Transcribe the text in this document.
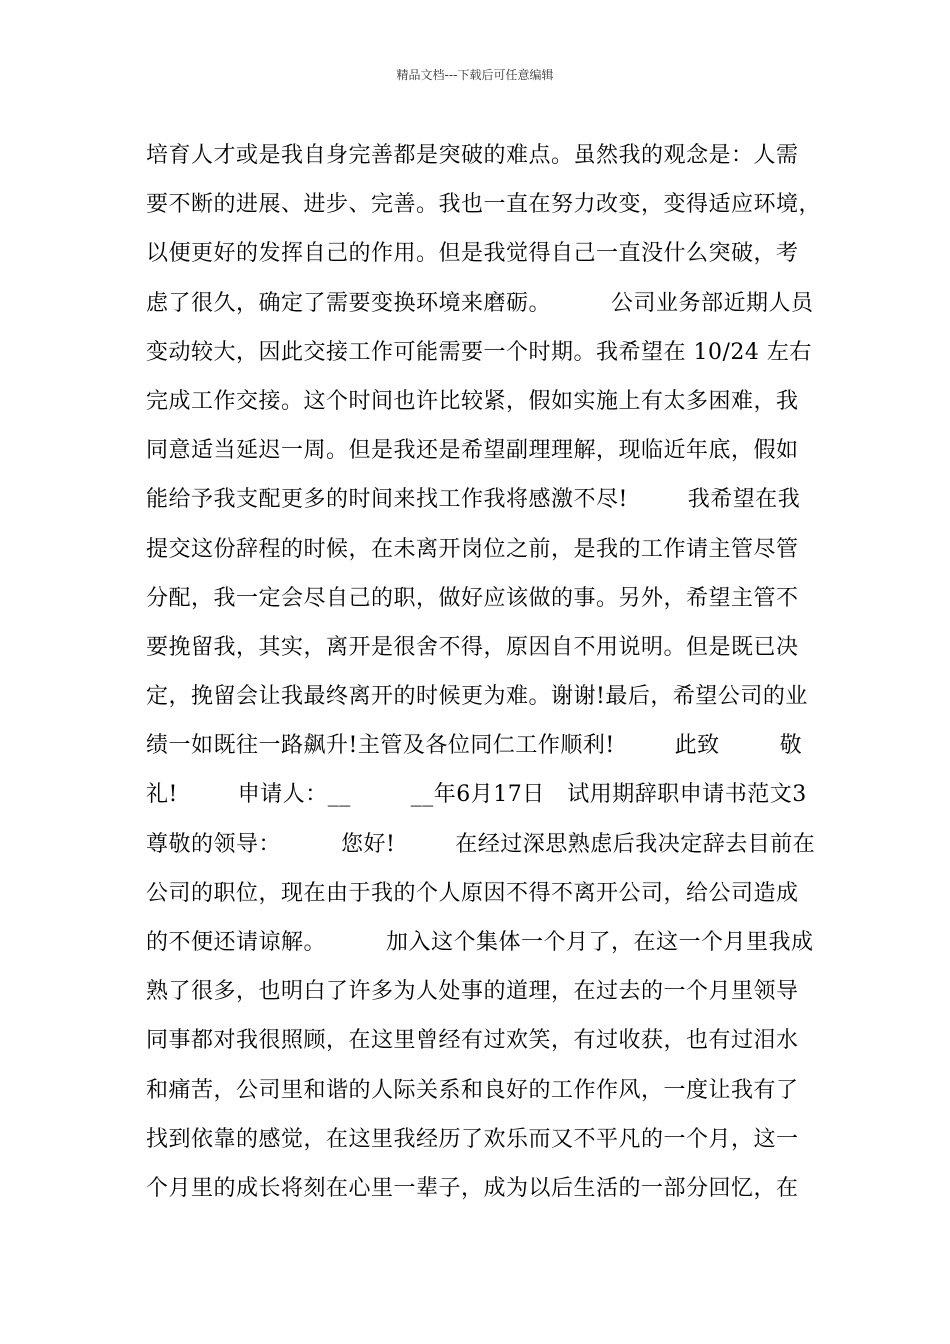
精品文档---下载后可任意编辑
培育人才或是我自身完善都是突破的难点。虽然我的观念是：人需
要不断的进展、进步、完善。我也一直在努力改变，变得适应环境，
以便更好的发挥自己的作用。但是我觉得自己一直没什么突破，考
虑了很久，确定了需要变换环境来磨砺。        公司业务部近期人员
变动较大，因此交接工作可能需要一个时期。我希望在 10/24 左右
完成工作交接。这个时间也许比较紧，假如实施上有太多困难，我
同意适当延迟一周。但是我还是希望副理理解，现临近年底，假如
能给予我支配更多的时间来找工作我将感激不尽!        我希望在我
提交这份辞程的时候，在未离开岗位之前，是我的工作请主管尽管
分配，我一定会尽自己的职，做好应该做的事。另外，希望主管不
要挽留我，其实，离开是很舍不得，原因自不用说明。但是既已决
定，挽留会让我最终离开的时候更为难。谢谢!最后，希望公司的业
绩一如既往一路飙升!主管及各位同仁工作顺利!        此致        敬
礼!        申请人：__        __年6月17日   试用期辞职申请书范文3
尊敬的领导：        您好!        在经过深思熟虑后我决定辞去目前在
公司的职位，现在由于我的个人原因不得不离开公司，给公司造成
的不便还请谅解。        加入这个集体一个月了，在这一个月里我成
熟了很多，也明白了许多为人处事的道理，在过去的一个月里领导
同事都对我很照顾，在这里曾经有过欢笑，有过收获，也有过泪水
和痛苦，公司里和谐的人际关系和良好的工作作风，一度让我有了
找到依靠的感觉，在这里我经历了欢乐而又不平凡的一个月，这一
个月里的成长将刻在心里一辈子，成为以后生活的一部分回忆，在
